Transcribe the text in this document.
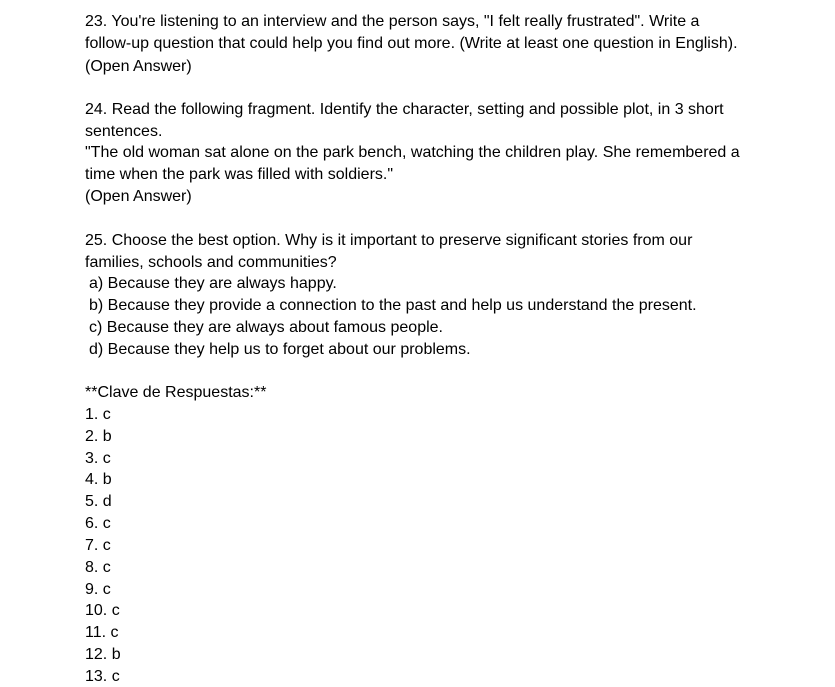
23. You're listening to an interview and the person says, "I felt really frustrated". Write a
follow-up question that could help you find out more. (Write at least one question in English).
(Open Answer)
24. Read the following fragment. Identify the character, setting and possible plot, in 3 short
sentences.
"The old woman sat alone on the park bench, watching the children play. She remembered a
time when the park was filled with soldiers."
(Open Answer)
25. Choose the best option. Why is it important to preserve significant stories from our
families, schools and communities?
a) Because they are always happy.
b) Because they provide a connection to the past and help us understand the present.
c) Because they are always about famous people.
d) Because they help us to forget about our problems.
**Clave de Respuestas:**
1. c
2. b
3. c
4. b
5. d
6. c
7. c
8. c
9. c
10. c
11. c
12. b
13. c
